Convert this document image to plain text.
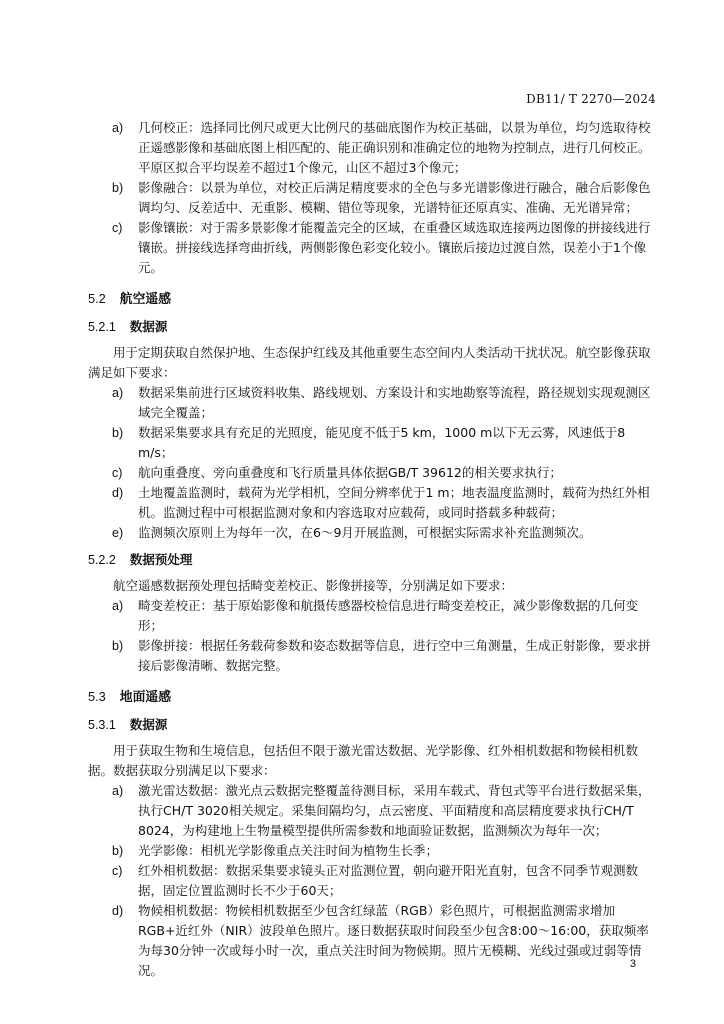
DB11/ T 2270—2024
a) 几何校正：选择同比例尺或更大比例尺的基础底图作为校正基础，以景为单位，均匀选取待校正遥感影像和基础底图上相匹配的、能正确识别和准确定位的地物为控制点，进行几何校正。平原区拟合平均误差不超过1个像元，山区不超过3个像元；
b) 影像融合：以景为单位，对校正后满足精度要求的全色与多光谱影像进行融合，融合后影像色调均匀、反差适中、无重影、模糊、错位等现象，光谱特征还原真实、准确、无光谱异常；
c) 影像镶嵌：对于需多景影像才能覆盖完全的区域，在重叠区域选取连接两边图像的拼接线进行镶嵌。拼接线选择弯曲折线，两侧影像色彩变化较小。镶嵌后接边过渡自然，误差小于1个像元。
5.2 航空遥感
5.2.1 数据源
用于定期获取自然保护地、生态保护红线及其他重要生态空间内人类活动干扰状况。航空影像获取满足如下要求：
a) 数据采集前进行区域资料收集、路线规划、方案设计和实地勘察等流程，路径规划实现观测区域完全覆盖；
b) 数据采集要求具有充足的光照度，能见度不低于5 km，1000 m以下无云雾，风速低于8 m/s；
c) 航向重叠度、旁向重叠度和飞行质量具体依据GB/T 39612的相关要求执行；
d) 土地覆盖监测时，载荷为光学相机，空间分辨率优于1 m；地表温度监测时，载荷为热红外相机。监测过程中可根据监测对象和内容选取对应载荷，或同时搭载多种载荷；
e) 监测频次原则上为每年一次，在6～9月开展监测，可根据实际需求补充监测频次。
5.2.2 数据预处理
航空遥感数据预处理包括畸变差校正、影像拼接等，分别满足如下要求：
a) 畸变差校正：基于原始影像和航摄传感器校检信息进行畸变差校正，减少影像数据的几何变形；
b) 影像拼接：根据任务载荷参数和姿态数据等信息，进行空中三角测量，生成正射影像，要求拼接后影像清晰、数据完整。
5.3 地面遥感
5.3.1 数据源
用于获取生物和生境信息，包括但不限于激光雷达数据、光学影像、红外相机数据和物候相机数据。数据获取分别满足以下要求：
a) 激光雷达数据：激光点云数据完整覆盖待测目标，采用车载式、背包式等平台进行数据采集，执行CH/T 3020相关规定。采集间隔均匀，点云密度、平面精度和高层精度要求执行CH/T 8024，为构建地上生物量模型提供所需参数和地面验证数据，监测频次为每年一次；
b) 光学影像：相机光学影像重点关注时间为植物生长季；
c) 红外相机数据：数据采集要求镜头正对监测位置，朝向避开阳光直射，包含不同季节观测数据，固定位置监测时长不少于60天；
d) 物候相机数据：物候相机数据至少包含红绿蓝（RGB）彩色照片，可根据监测需求增加RGB+近红外（NIR）波段单色照片。逐日数据获取时间段至少包含8:00～16:00，获取频率为每30分钟一次或每小时一次，重点关注时间为物候期。照片无模糊、光线过强或过弱等情况。	3
